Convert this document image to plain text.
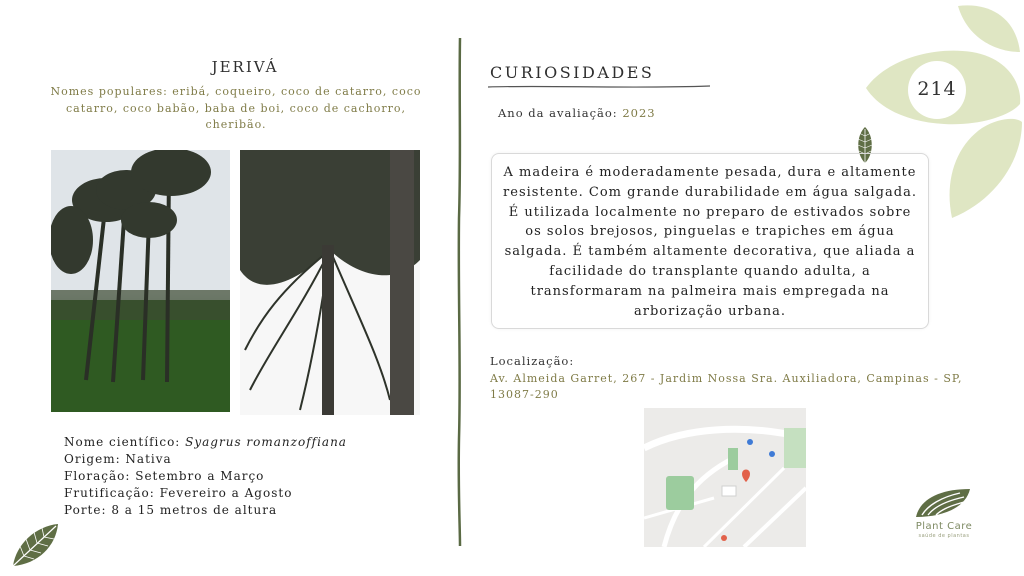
214
JERIVÁ
Nomes populares: eribá, coqueiro, coco de catarro, coco catarro, coco babão, baba de boi, coco de cachorro, cheribão.
Nome científico: Syagrus romanzoffiana
Origem: Nativa
Floração: Setembro a Março
Frutificação: Fevereiro a Agosto
Porte: 8 a 15 metros de altura
CURIOSIDADES
Ano da avaliação: 2023
A madeira é moderadamente pesada, dura e altamente resistente. Com grande durabilidade em água salgada. É utilizada localmente no preparo de estivados sobre os solos brejosos, pinguelas e trapiches em água salgada. É também altamente decorativa, que aliada a facilidade do transplante quando adulta, a transformaram na palmeira mais empregada na arborização urbana.
Localização:
Av. Almeida Garret, 267 - Jardim Nossa Sra. Auxiliadora, Campinas - SP, 13087-290
Plant Care
saúde de plantas
